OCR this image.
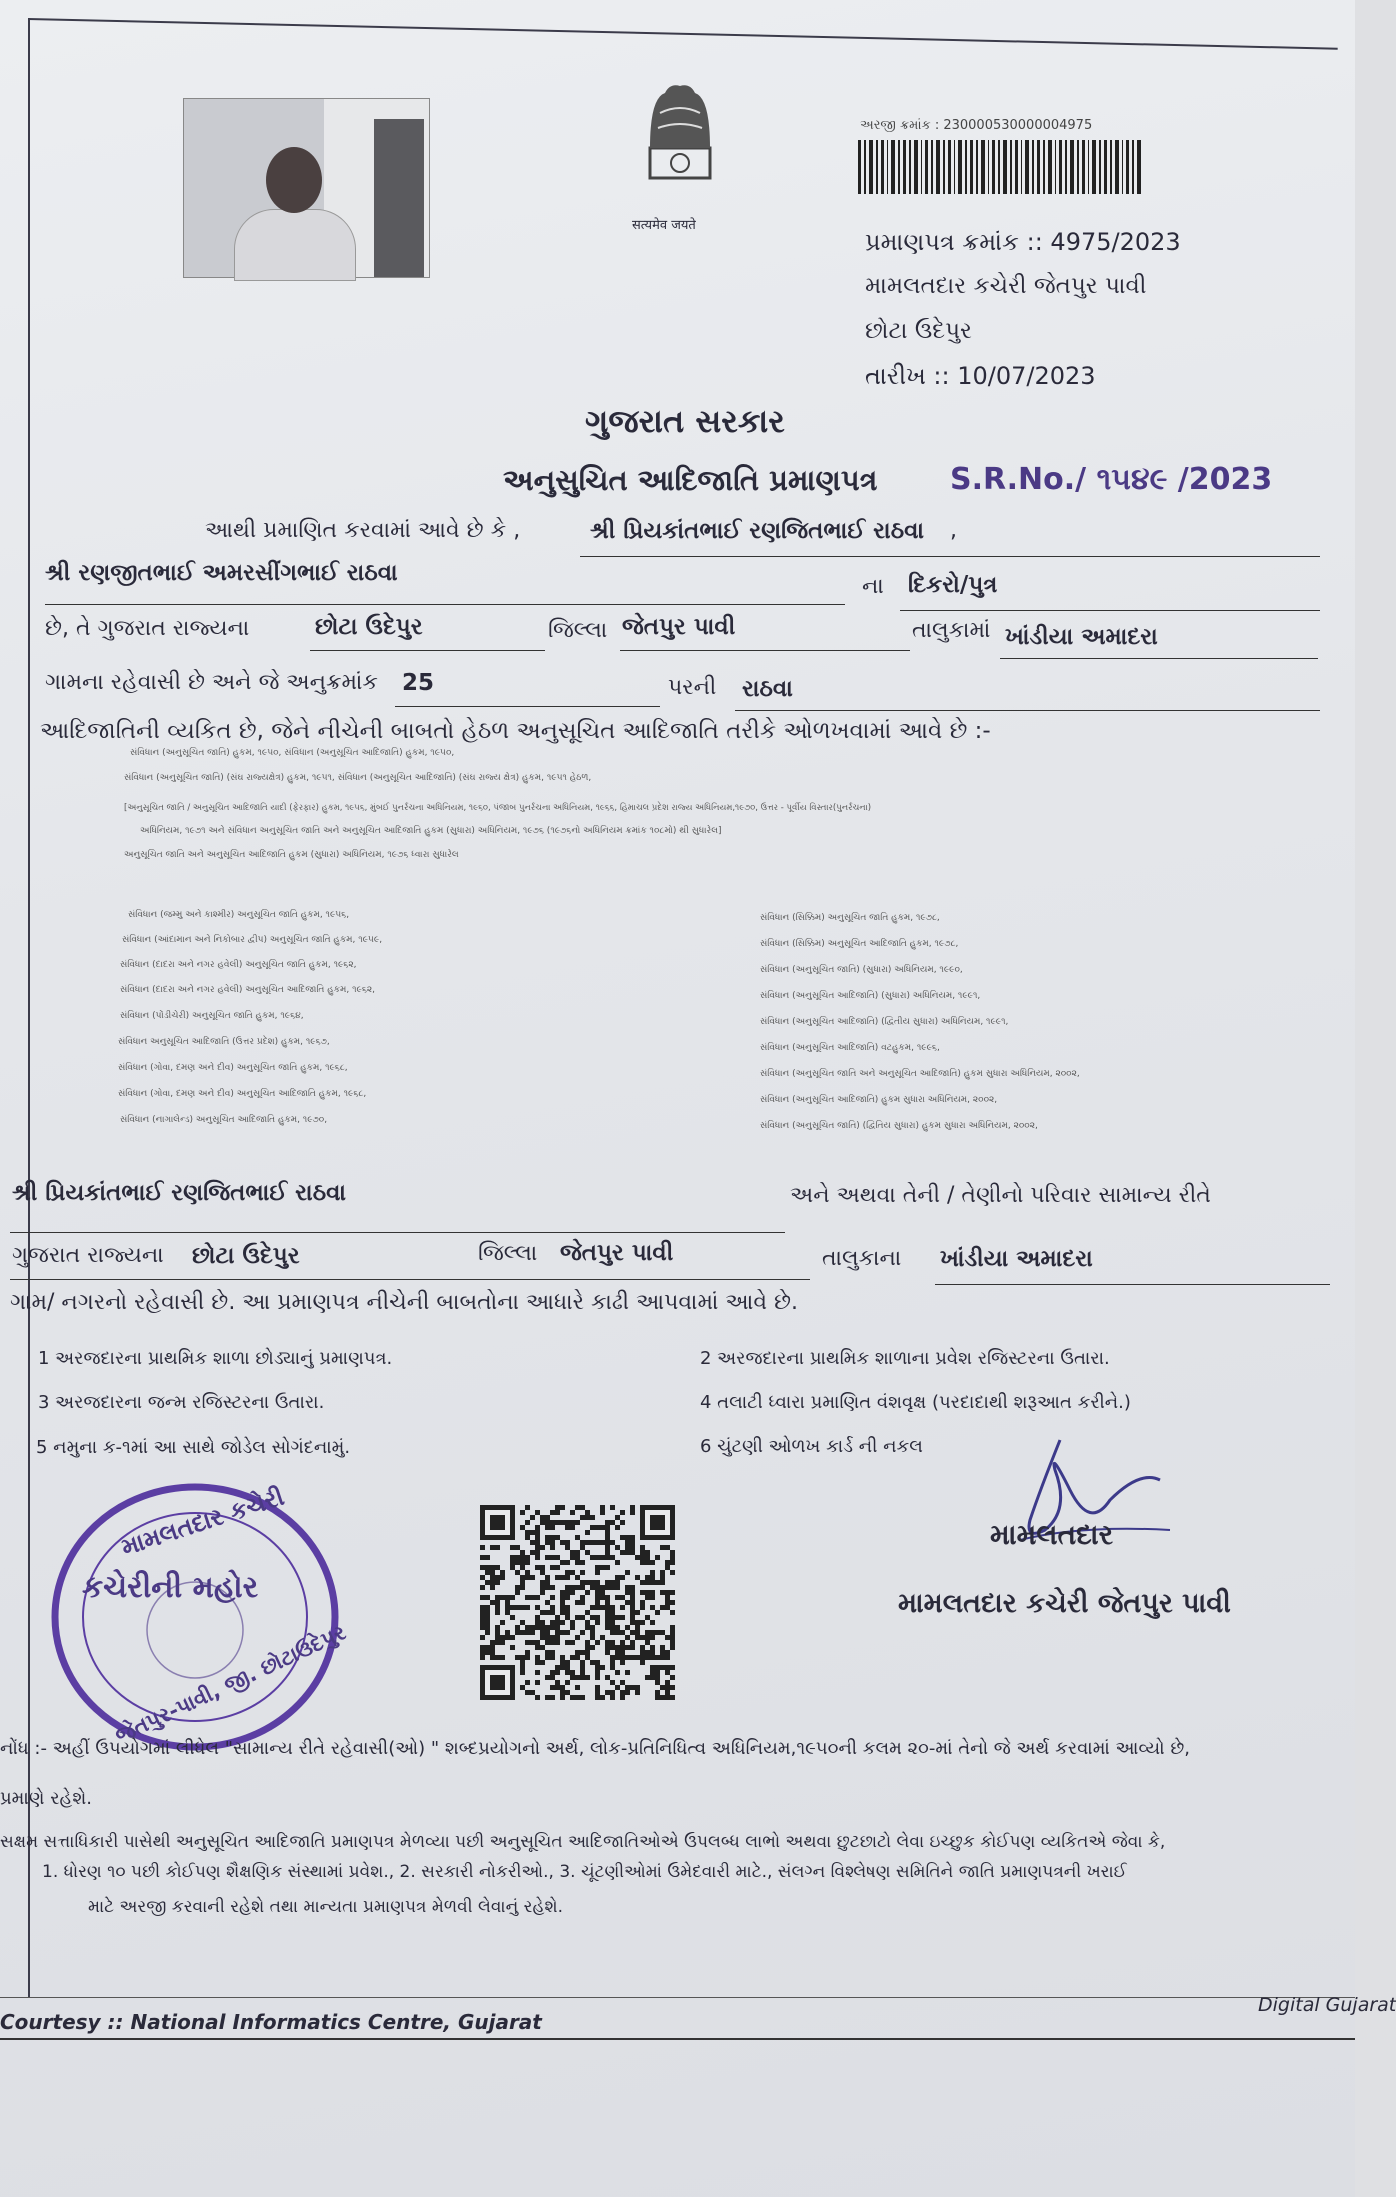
सत्यमेव जयते
અરજી ક્રમાંક : 230000530000004975
પ્રમાણપત્ર ક્રમાંક :: 4975/2023
મામલતદાર કચેરી જેતપુર પાવી
છોટા ઉદેપુર
તારીખ :: 10/07/2023
ગુજરાત સરકાર
અનુસુચિત આદિજાતિ પ્રમાણપત્ર S.R.No./ ૧૫૪૯ /2023
આથી પ્રમાણિત કરવામાં આવે છે કે ,	શ્રી પ્રિયકાંતભાઈ રણજિતભાઈ રાઠવા ,
શ્રી રણજીતભાઈ અમરસીંગભાઈ રાઠવા
ના દિકરો/પુત્ર
છે, તે ગુજરાત રાજ્યના	છોટા ઉદેપુર	જિલ્લા જેતપુર પાવી	તાલુકામાં ખાંડીયા અમાદરા
ગામના રહેવાસી છે અને જે અનુક્રમાંક 25	પરની રાઠવા
આદિજાતિની વ્યકિત છે, જેને નીચેની બાબતો હેઠળ અનુસૂચિત આદિજાતિ તરીકે ઓળખવામાં આવે છે :-
સંવિધાન (અનુસૂચિત જાતિ) હુકમ, ૧૯૫૦, સંવિધાન (અનુસૂચિત આદિજાતિ) હુકમ, ૧૯૫૦,
સંવિધાન (અનુસૂચિત જાતિ) (સંઘ રાજ્યક્ષેત્ર) હુકમ, ૧૯૫૧, સંવિધાન (અનુસૂચિત આદિજાતિ) (સંઘ રાજ્ય ક્ષેત્ર) હુકમ, ૧૯૫૧ હેઠળ,
[અનુસૂચિત જાતિ / અનુસૂચિત આદિજાતિ યાદી (ફેરફાર) હુકમ, ૧૯૫૬, મુંબઈ પુનર્રચના અધિનિયમ, ૧૯૬૦, પંજાબ પુનર્રચના અધિનિયમ, ૧૯૬૬, હિમાચલ પ્રદેશ રાજ્ય અધિનિયમ,૧૯૭૦, ઉત્તર - પૂર્વીય વિસ્તાર(પુનર્રચના)
અધિનિયમ, ૧૯૭૧ અને સંવિધાન અનુસૂચિત જાતિ અને અનુસૂચિત આદિજાતિ હુકમ (સુધારા) અધિનિયમ, ૧૯૭૬ (૧૯૭૬નો અધિનિયમ ક્રમાંક ૧૦૮મો) થી સુધારેલ]
અનુસૂચિત જાતિ અને અનુસૂચિત આદિજાતિ હુકમ (સુધારા) અધિનિયમ, ૧૯૭૬ ધ્વારા સુધારેલ
સંવિધાન (જમ્મુ અને કાશ્મીર) અનુસૂચિત જાતિ હુકમ, ૧૯૫૬,
સંવિધાન (આંદામાન અને નિકોબાર દ્વીપ) અનુસૂચિત જાતિ હુકમ, ૧૯૫૯,
સંવિધાન (દાદરા અને નગર હવેલી) અનુસૂચિત જાતિ હુકમ, ૧૯૬૨,
સંવિધાન (દાદરા અને નગર હવેલી) અનુસૂચિત આદિજાતિ હુકમ, ૧૯૬૨,
સંવિધાન (પોંડીચેરી) અનુસૂચિત જાતિ હુકમ, ૧૯૬૪,
સંવિધાન અનુસૂચિત આદિજાતિ (ઉત્તર પ્રદેશ) હુકમ, ૧૯૬૭,
સંવિધાન (ગોવા, દમણ અને દીવ) અનુસૂચિત જાતિ હુકમ, ૧૯૬૮,
સંવિધાન (ગોવા, દમણ અને દીવ) અનુસૂચિત આદિજાતિ હુકમ, ૧૯૬૮,
સંવિધાન (નાગાલેન્ડ) અનુસૂચિત આદિજાતિ હુકમ, ૧૯૭૦,
સંવિધાન (સિક્કિમ) અનુસૂચિત જાતિ હુકમ, ૧૯૭૮,
સંવિધાન (સિક્કિમ) અનુસૂચિત આદિજાતિ હુકમ, ૧૯૭૮,
સંવિધાન (અનુસૂચિત જાતિ) (સુધારા) અધિનિયમ, ૧૯૯૦,
સંવિધાન (અનુસૂચિત આદિજાતિ) (સુધારા) અધિનિયમ, ૧૯૯૧,
સંવિધાન (અનુસૂચિત આદિજાતિ) (દ્વિતીય સુધારા) અધિનિયમ, ૧૯૯૧,
સંવિધાન (અનુસૂચિત આદિજાતિ) વટહુકમ, ૧૯૯૬,
સંવિધાન (અનુસૂચિત જાતિ અને અનુસૂચિત આદિજાતિ) હુકમ સુધારા અધિનિયમ, ૨૦૦૨,
સંવિધાન (અનુસૂચિત આદિજાતિ) હુકમ સુધારા અધિનિયમ, ૨૦૦૨,
સંવિધાન (અનુસૂચિત જાતિ) (દ્વિતિય સુધારા) હુકમ સુધારા અધિનિયમ, ૨૦૦૨,
શ્રી પ્રિયકાંતભાઈ રણજિતભાઈ રાઠવા	અને અથવા તેની / તેણીનો પરિવાર સામાન્ય રીતે
ગુજરાત રાજ્યના છોટા ઉદેપુર	જિલ્લા જેતપુર પાવી	તાલુકાના ખાંડીયા અમાદરા
ગામ/ નગરનો રહેવાસી છે. આ પ્રમાણપત્ર નીચેની બાબતોના આધારે કાઢી આપવામાં આવે છે.
1 અરજદારના પ્રાથમિક શાળા છોડ્યાનું પ્રમાણપત્ર.	2 અરજદારના પ્રાથમિક શાળાના પ્રવેશ રજિસ્ટરના ઉતારા.
3 અરજદારના જન્મ રજિસ્ટરના ઉતારા.	4 તલાટી ધ્વારા પ્રમાણિત વંશવૃક્ષ (પરદાદાથી શરૂઆત કરીને.)
5 નમુના ક-૧માં આ સાથે જોડેલ સોગંદનામું.	6 ચુંટણી ઓળખ કાર્ડ ની નકલ
મામલતદાર
મામલતદાર કચેરી જેતપુર પાવી
મામલતદાર કચેરી
કચેરીની મહોર
જેતપુર-પાવી, જી. છોટાઉદેપુર
નોંધ :- અહીં ઉપયોગમાં લીધેલ "સામાન્ય રીતે રહેવાસી(ઓ) " શબ્દપ્રયોગનો અર્થ, લોક-પ્રતિનિધિત્વ અધિનિયમ,૧૯૫૦ની કલમ ૨૦-માં તેનો જે અર્થ કરવામાં આવ્યો છે,
પ્રમાણે રહેશે.
સક્ષમ સત્તાધિકારી પાસેથી અનુસૂચિત આદિજાતિ પ્રમાણપત્ર મેળવ્યા પછી અનુસૂચિત આદિજાતિઓએ ઉપલબ્ધ લાભો અથવા છુટછાટો લેવા ઇચ્છુક કોઈપણ વ્યકિતએ જેવા કે,
1. ધોરણ ૧૦ પછી કોઈપણ શૈક્ષણિક સંસ્થામાં પ્રવેશ., 2. સરકારી નોકરીઓ., 3. ચૂંટણીઓમાં ઉમેદવારી માટે., સંલગ્ન વિશ્લેષણ સમિતિને જાતિ પ્રમાણપત્રની ખરાઈ
માટે અરજી કરવાની રહેશે તથા માન્યતા પ્રમાણપત્ર મેળવી લેવાનું રહેશે.
Courtesy :: National Informatics Centre, Gujarat
Digital Gujarat
